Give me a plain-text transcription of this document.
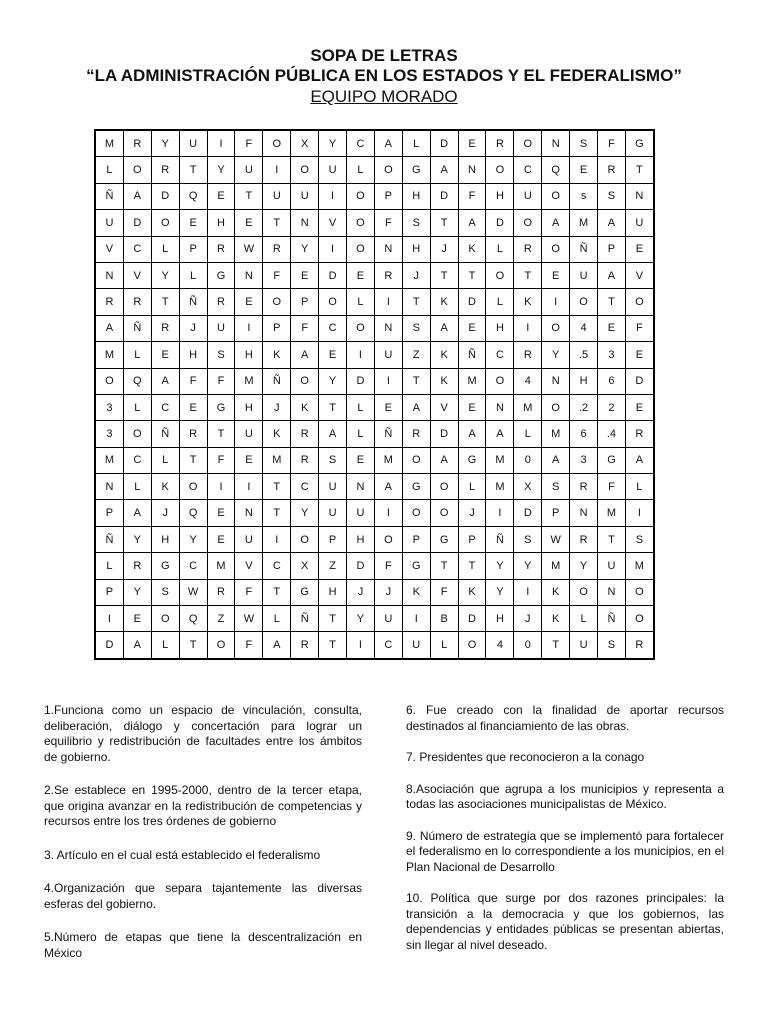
SOPA DE LETRAS
“LA ADMINISTRACIÓN PÚBLICA EN LOS ESTADOS Y EL FEDERALISMO”
EQUIPO MORADO
M	R	Y	U	I	F	O	X	Y	C	A	L	D	E	R	O	N	S	F	G
L	O	R	T	Y	U	I	O	U	L	O	G	A	N	O	C	Q	E	R	T
Ñ	A	D	Q	E	T	U	U	I	O	P	H	D	F	H	U	O	s	S	N
U	D	O	E	H	E	T	N	V	O	F	S	T	A	D	O	A	M	A	U
V	C	L	P	R	W	R	Y	I	O	N	H	J	K	L	R	O	Ñ	P	E
N	V	Y	L	G	N	F	E	D	E	R	J	T	T	O	T	E	U	A	V
R	R	T	Ñ	R	E	O	P	O	L	I	T	K	D	L	K	I	O	T	O
A	Ñ	R	J	U	I	P	F	C	O	N	S	A	E	H	I	O	4	E	F
M	L	E	H	S	H	K	A	E	I	U	Z	K	Ñ	C	R	Y	.5	3	E
O	Q	A	F	F	M	Ñ	O	Y	D	I	T	K	M	O	4	N	H	6	D
3	L	C	E	G	H	J	K	T	L	E	A	V	E	N	M	O	.2	2	E
3	O	Ñ	R	T	U	K	R	A	L	Ñ	R	D	A	A	L	M	6	.4	R
M	C	L	T	F	E	M	R	S	E	M	O	A	G	M	0	A	3	G	A
N	L	K	O	I	I	T	C	U	N	A	G	O	L	M	X	S	R	F	L
P	A	J	Q	E	N	T	Y	U	U	I	O	O	J	I	D	P	N	M	I
Ñ	Y	H	Y	E	U	I	O	P	H	O	P	G	P	Ñ	S	W	R	T	S
L	R	G	C	M	V	C	X	Z	D	F	G	T	T	Y	Y	M	Y	U	M
P	Y	S	W	R	F	T	G	H	J	J	K	F	K	Y	I	K	O	N	O
I	E	O	Q	Z	W	L	Ñ	T	Y	U	I	B	D	H	J	K	L	Ñ	O
D	A	L	T	O	F	A	R	T	I	C	U	L	O	4	0	T	U	S	R

1.Funciona como un espacio de vinculación, consulta, deliberación, diálogo y concertación para lograr un equilibrio y redistribución de facultades entre los ámbitos de gobierno.

2.Se establece en 1995-2000, dentro de la tercer etapa, que origina avanzar en la redistribución de competencias y recursos entre los tres órdenes de gobierno

3. Artículo en el cual está establecido el federalismo

4.Organización que separa tajantemente las diversas esferas del gobierno.

5.Número de etapas que tiene la descentralización en México

6. Fue creado con la finalidad de aportar recursos destinados al financiamiento de las obras.

7. Presidentes que reconocieron a la conago

8.Asociación que agrupa a los municipios y representa a todas las asociaciones municipalistas de México.

9. Número de estrategia que se implementó para fortalecer el federalismo en lo correspondiente a los municipios, en el Plan Nacional de Desarrollo

10. Política que surge por dos razones principales: la transición a la democracia y que los gobiernos, las dependencias y entidades públicas se presentan abiertas, sin llegar al nivel deseado.
